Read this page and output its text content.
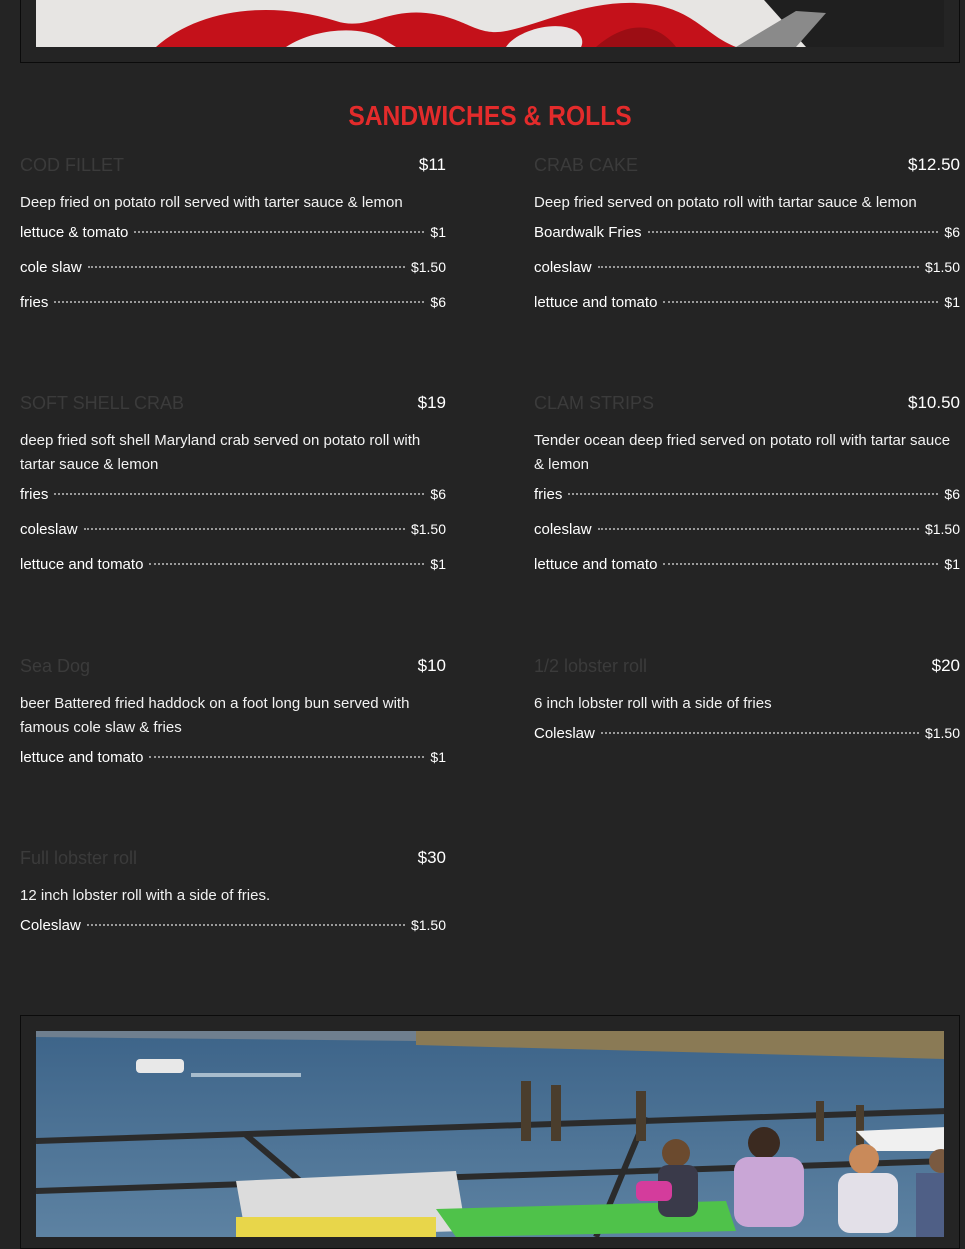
SANDWICHES & ROLLS
COD FILLET	$11
Deep fried on potato roll served with tarter sauce & lemon
lettuce & tomato	$1
cole slaw	$1.50
fries	$6
CRAB CAKE	$12.50
Deep fried served on potato roll with tartar sauce & lemon
Boardwalk Fries	$6
coleslaw	$1.50
lettuce and tomato	$1
SOFT SHELL CRAB	$19
deep fried soft shell Maryland crab served on potato roll with tartar sauce & lemon
fries	$6
coleslaw	$1.50
lettuce and tomato	$1
CLAM STRIPS	$10.50
Tender ocean deep fried served on potato roll with tartar sauce & lemon
fries	$6
coleslaw	$1.50
lettuce and tomato	$1
Sea Dog	$10
beer Battered fried haddock on a foot long bun served with famous cole slaw & fries
lettuce and tomato	$1
1/2 lobster roll	$20
6 inch lobster roll with a side of fries
Coleslaw	$1.50
Full lobster roll	$30
12 inch lobster roll with a side of fries.
Coleslaw	$1.50
